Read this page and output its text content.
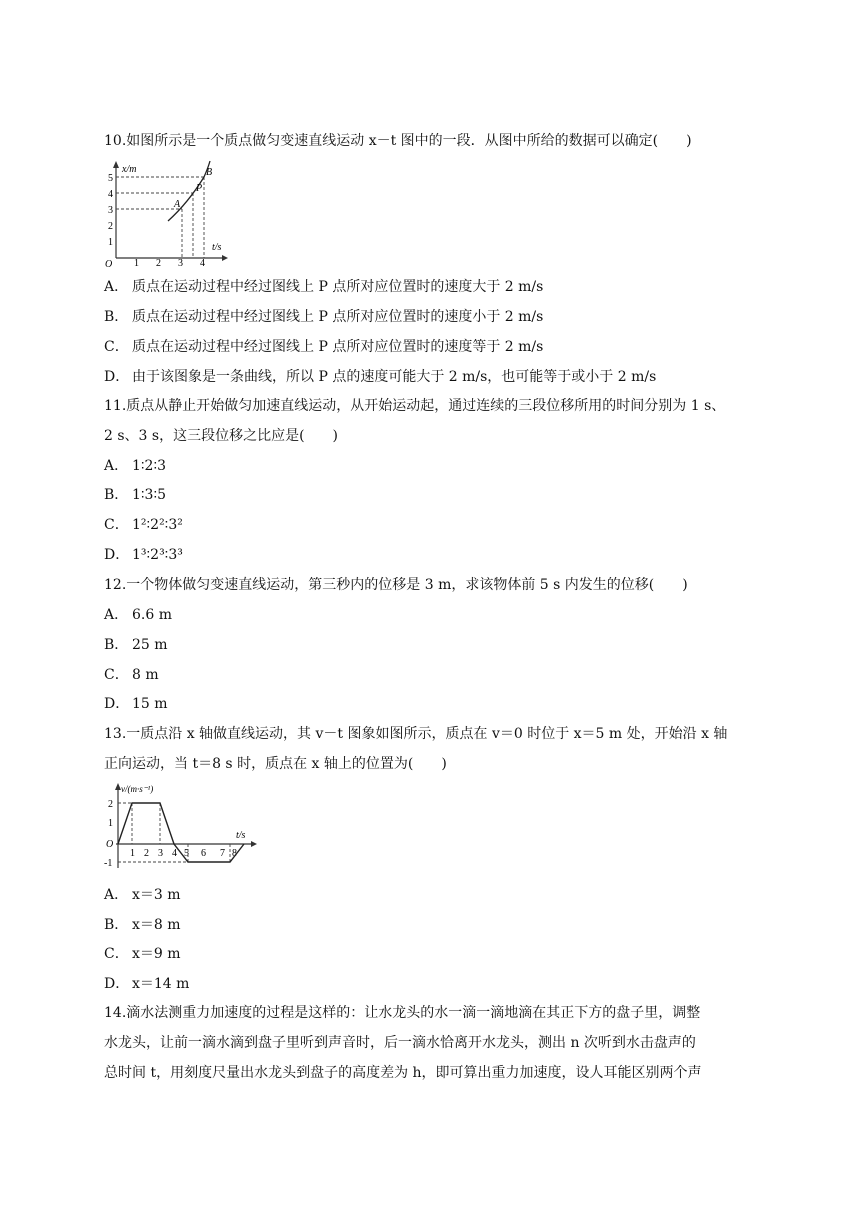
10.如图所示是一个质点做匀变速直线运动 x－t 图中的一段．从图中所给的数据可以确定(　　)
x/m
t/s
O
1
2
3
4
5
1 2 3 4
A
P
B
A． 质点在运动过程中经过图线上 P 点所对应位置时的速度大于 2 m/s
B． 质点在运动过程中经过图线上 P 点所对应位置时的速度小于 2 m/s
C． 质点在运动过程中经过图线上 P 点所对应位置时的速度等于 2 m/s
D． 由于该图象是一条曲线，所以 P 点的速度可能大于 2 m/s，也可能等于或小于 2 m/s
11.质点从静止开始做匀加速直线运动，从开始运动起，通过连续的三段位移所用的时间分别为 1 s、
2 s、3 s，这三段位移之比应是(　　)
A． 1∶2∶3
B． 1∶3∶5
C． 1²∶2²∶3²
D． 1³∶2³∶3³
12.一个物体做匀变速直线运动，第三秒内的位移是 3 m，求该物体前 5 s 内发生的位移(　　)
A． 6.6 m
B． 25 m
C． 8 m
D． 15 m
13.一质点沿 x 轴做直线运动，其 v－t 图象如图所示，质点在 v＝0 时位于 x＝5 m 处，开始沿 x 轴
正向运动，当 t＝8 s 时，质点在 x 轴上的位置为(　　)
v/(m·s⁻¹)
t/s
O
2
1
-1
1 2 3 4 5 6 7 8
A． x＝3 m
B． x＝8 m
C． x＝9 m
D． x＝14 m
14.滴水法测重力加速度的过程是这样的：让水龙头的水一滴一滴地滴在其正下方的盘子里，调整
水龙头，让前一滴水滴到盘子里听到声音时，后一滴水恰离开水龙头，测出 n 次听到水击盘声的
总时间 t，用刻度尺量出水龙头到盘子的高度差为 h，即可算出重力加速度，设人耳能区别两个声
